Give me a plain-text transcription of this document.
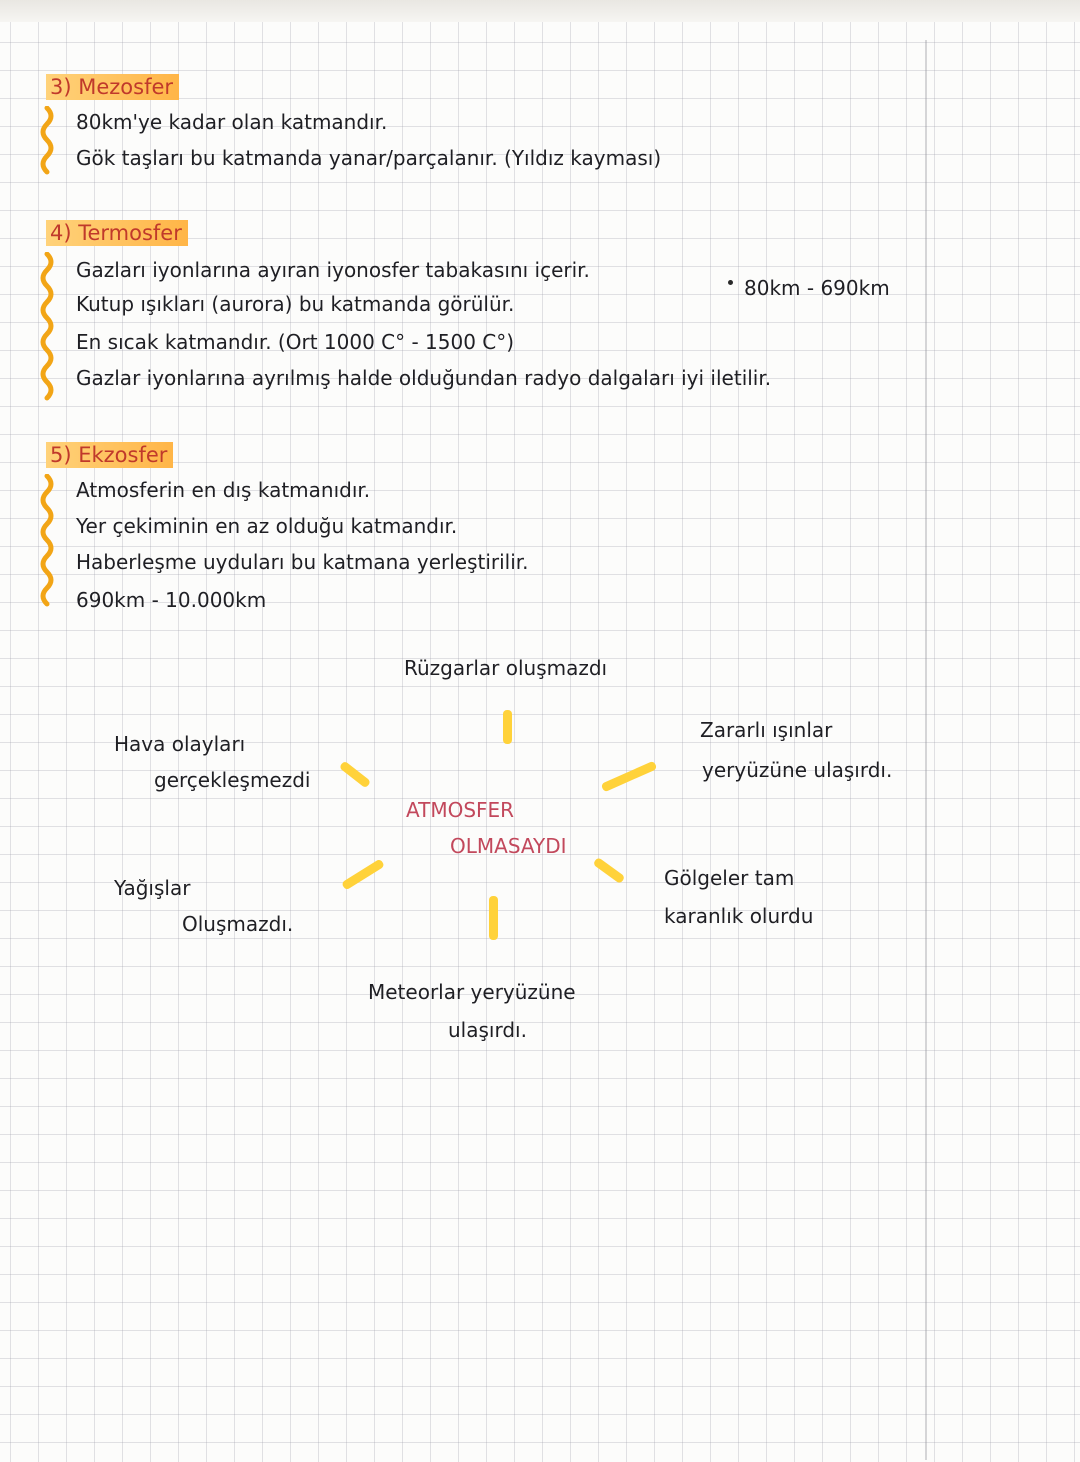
3) Mezosfer
80km'ye kadar olan katmandır.
Gök taşları bu katmanda yanar/parçalanır. (Yıldız kayması)
4) Termosfer
Gazları iyonlarına ayıran iyonosfer tabakasını içerir.
Kutup ışıkları (aurora) bu katmanda görülür.
En sıcak katmandır. (Ort 1000 C° - 1500 C°)
Gazlar iyonlarına ayrılmış halde olduğundan radyo dalgaları iyi iletilir.
80km - 690km
5) Ekzosfer
Atmosferin en dış katmanıdır.
Yer çekiminin en az olduğu katmandır.
Haberleşme uyduları bu katmana yerleştirilir.
690km - 10.000km
Rüzgarlar oluşmazdı
Hava olayları
gerçekleşmezdi
Zararlı ışınlar
yeryüzüne ulaşırdı.
ATMOSFER
OLMASAYDI
Yağışlar
Oluşmazdı.
Gölgeler tam
karanlık olurdu
Meteorlar yeryüzüne
ulaşırdı.
